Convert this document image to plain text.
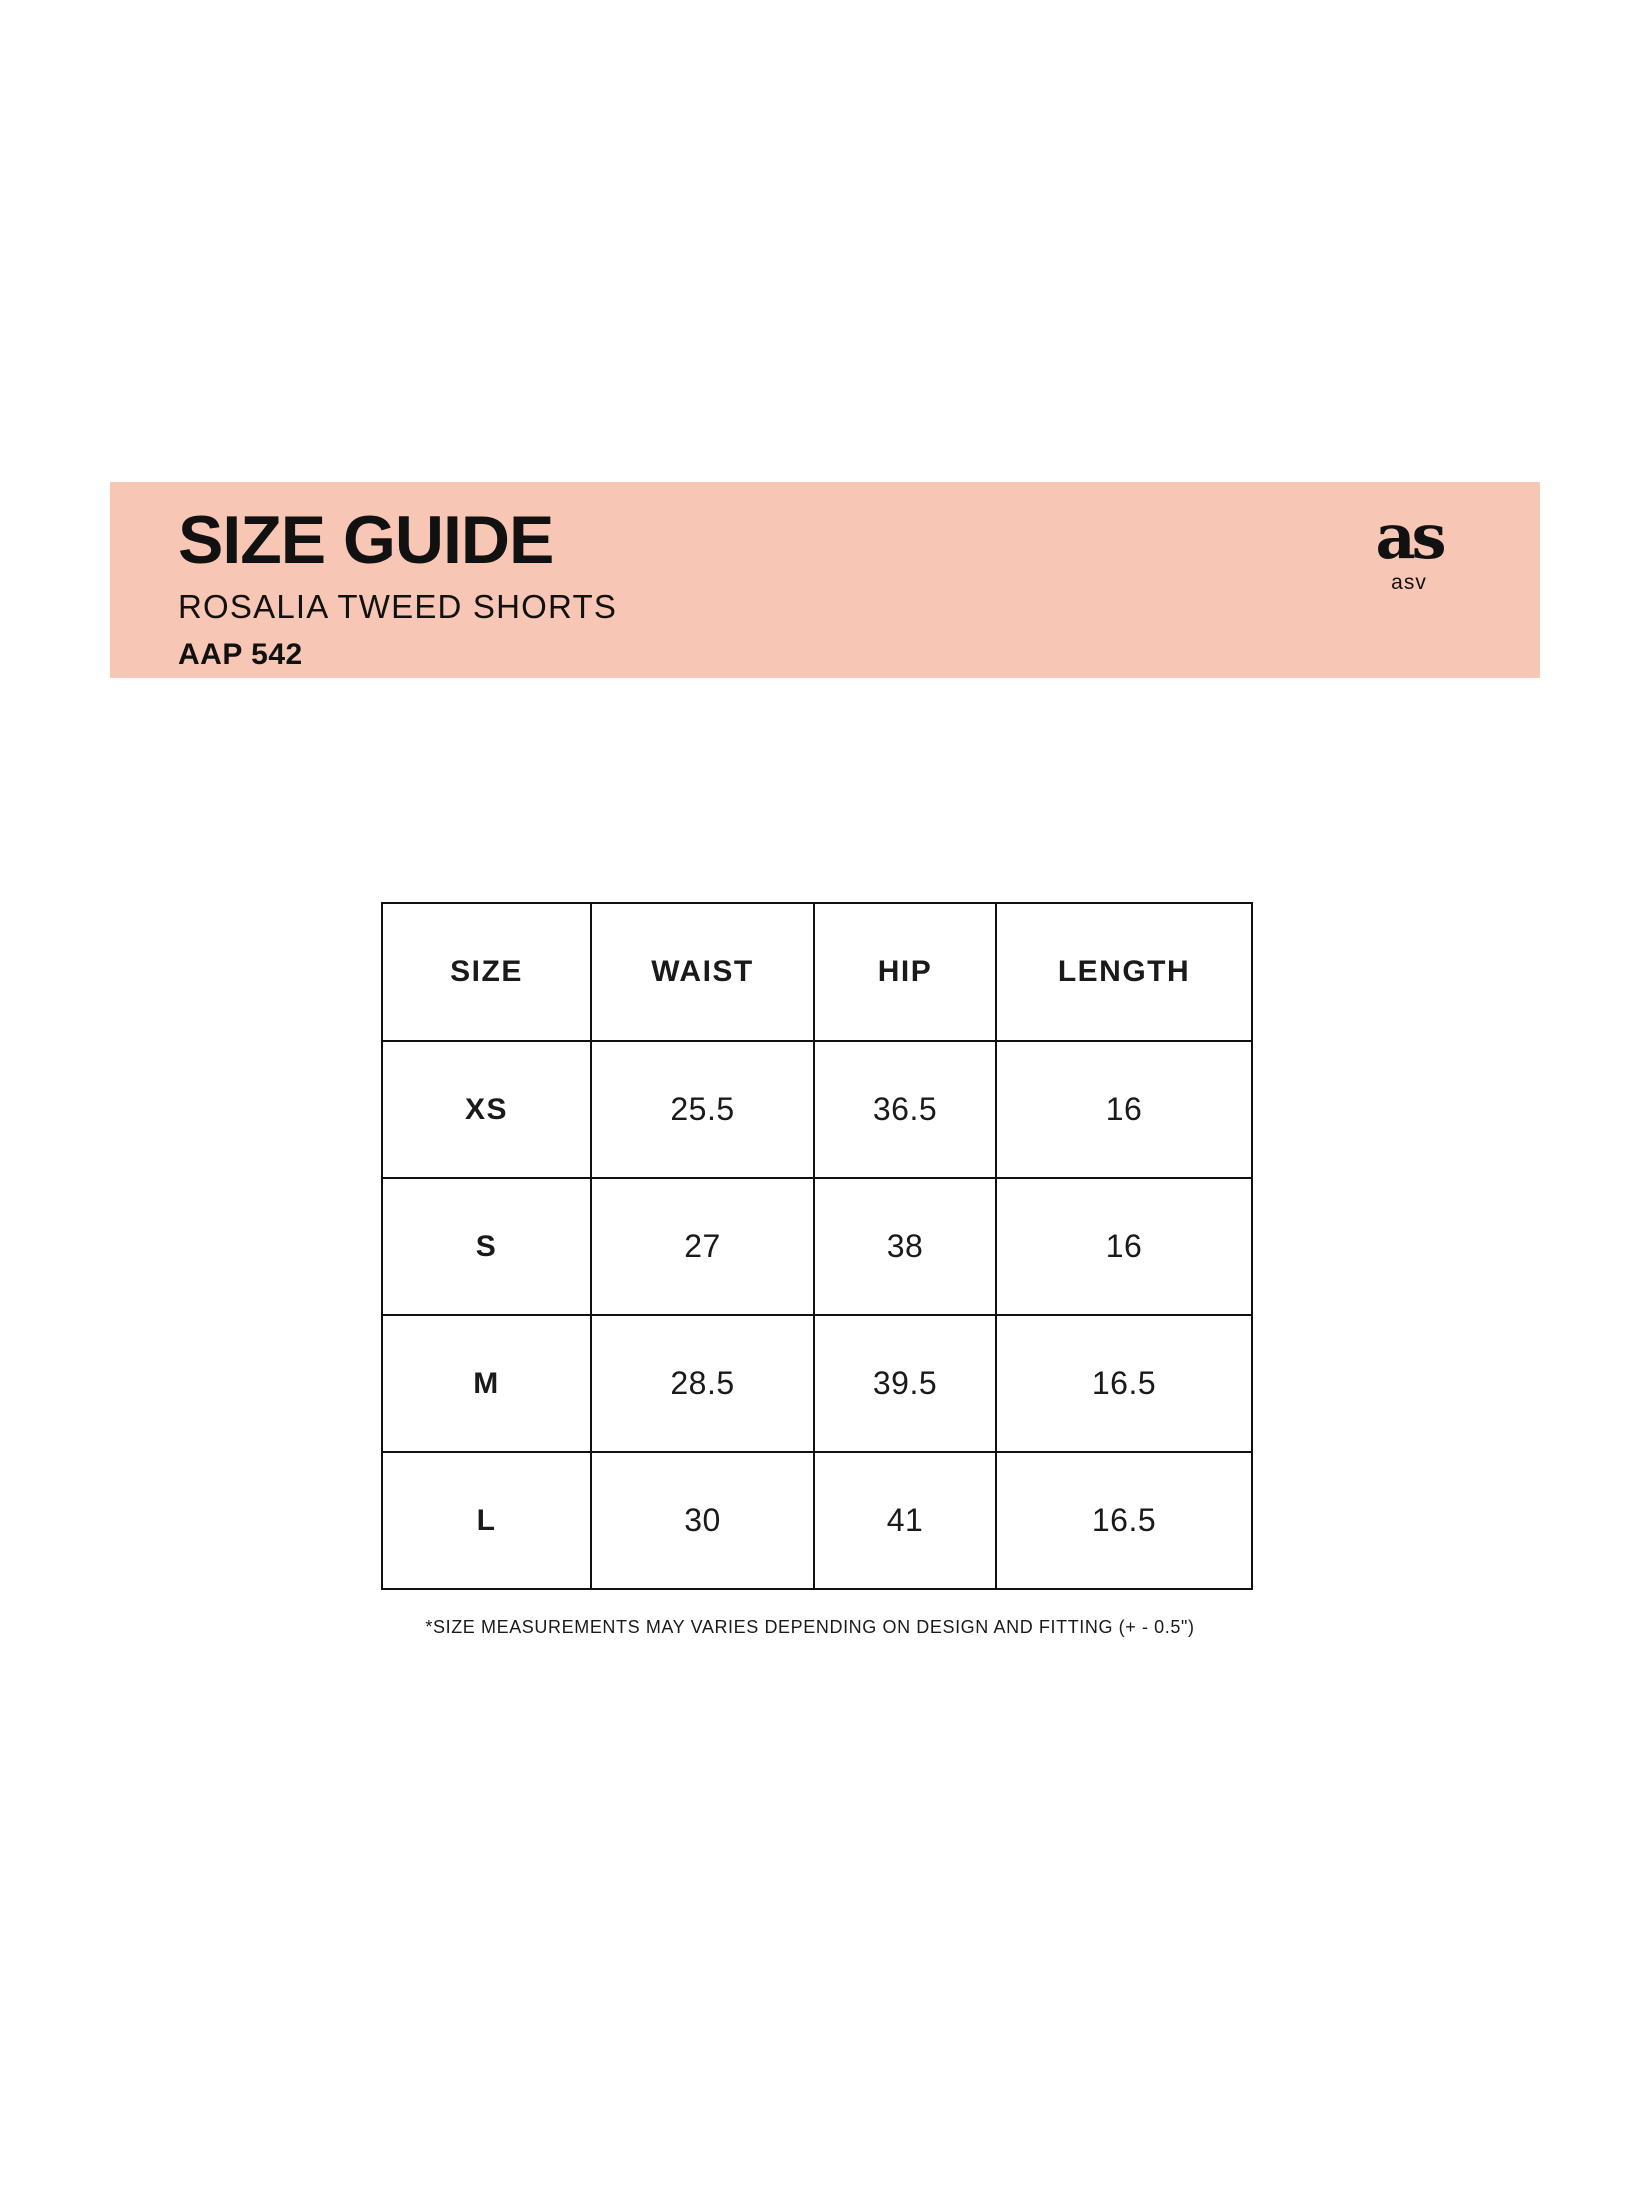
SIZE GUIDE
ROSALIA TWEED SHORTS
AAP 542
as
asv
SIZE	WAIST	HIP	LENGTH
XS	25.5	36.5	16
S	27	38	16
M	28.5	39.5	16.5
L	30	41	16.5
*SIZE MEASUREMENTS MAY VARIES DEPENDING ON DESIGN AND FITTING (+ - 0.5")
